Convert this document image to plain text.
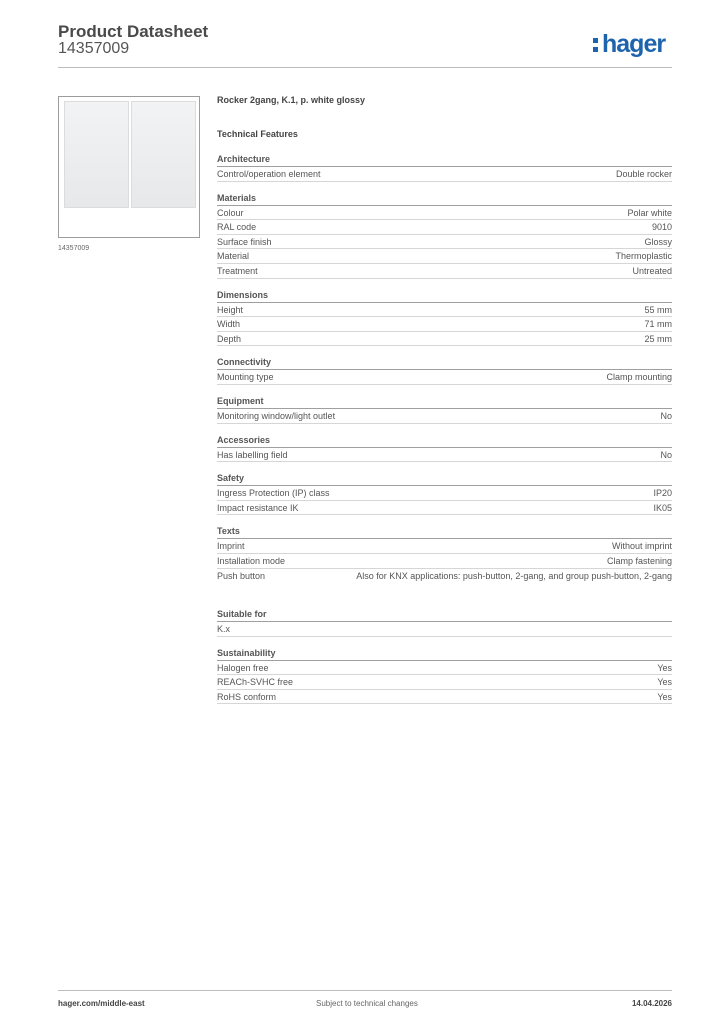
Product Datasheet
14357009	hager
14357009
Rocker 2gang, K.1, p. white glossy
Technical Features
Architecture
Control/operation element	Double rocker
Materials
Colour	Polar white
RAL code	9010
Surface finish	Glossy
Material	Thermoplastic
Treatment	Untreated
Dimensions
Height	55 mm
Width	71 mm
Depth	25 mm
Connectivity
Mounting type	Clamp mounting
Equipment
Monitoring window/light outlet	No
Accessories
Has labelling field	No
Safety
Ingress Protection (IP) class	IP20
Impact resistance IK	IK05
Texts
Imprint	Without imprint
Installation mode	Clamp fastening
Push button	Also for KNX applications: push-button, 2-gang, and group push-button, 2-gang
Suitable for
K.x
Sustainability
Halogen free	Yes
REACh-SVHC free	Yes
RoHS conform	Yes
hager.com/middle-east	Subject to technical changes	14.04.2026
